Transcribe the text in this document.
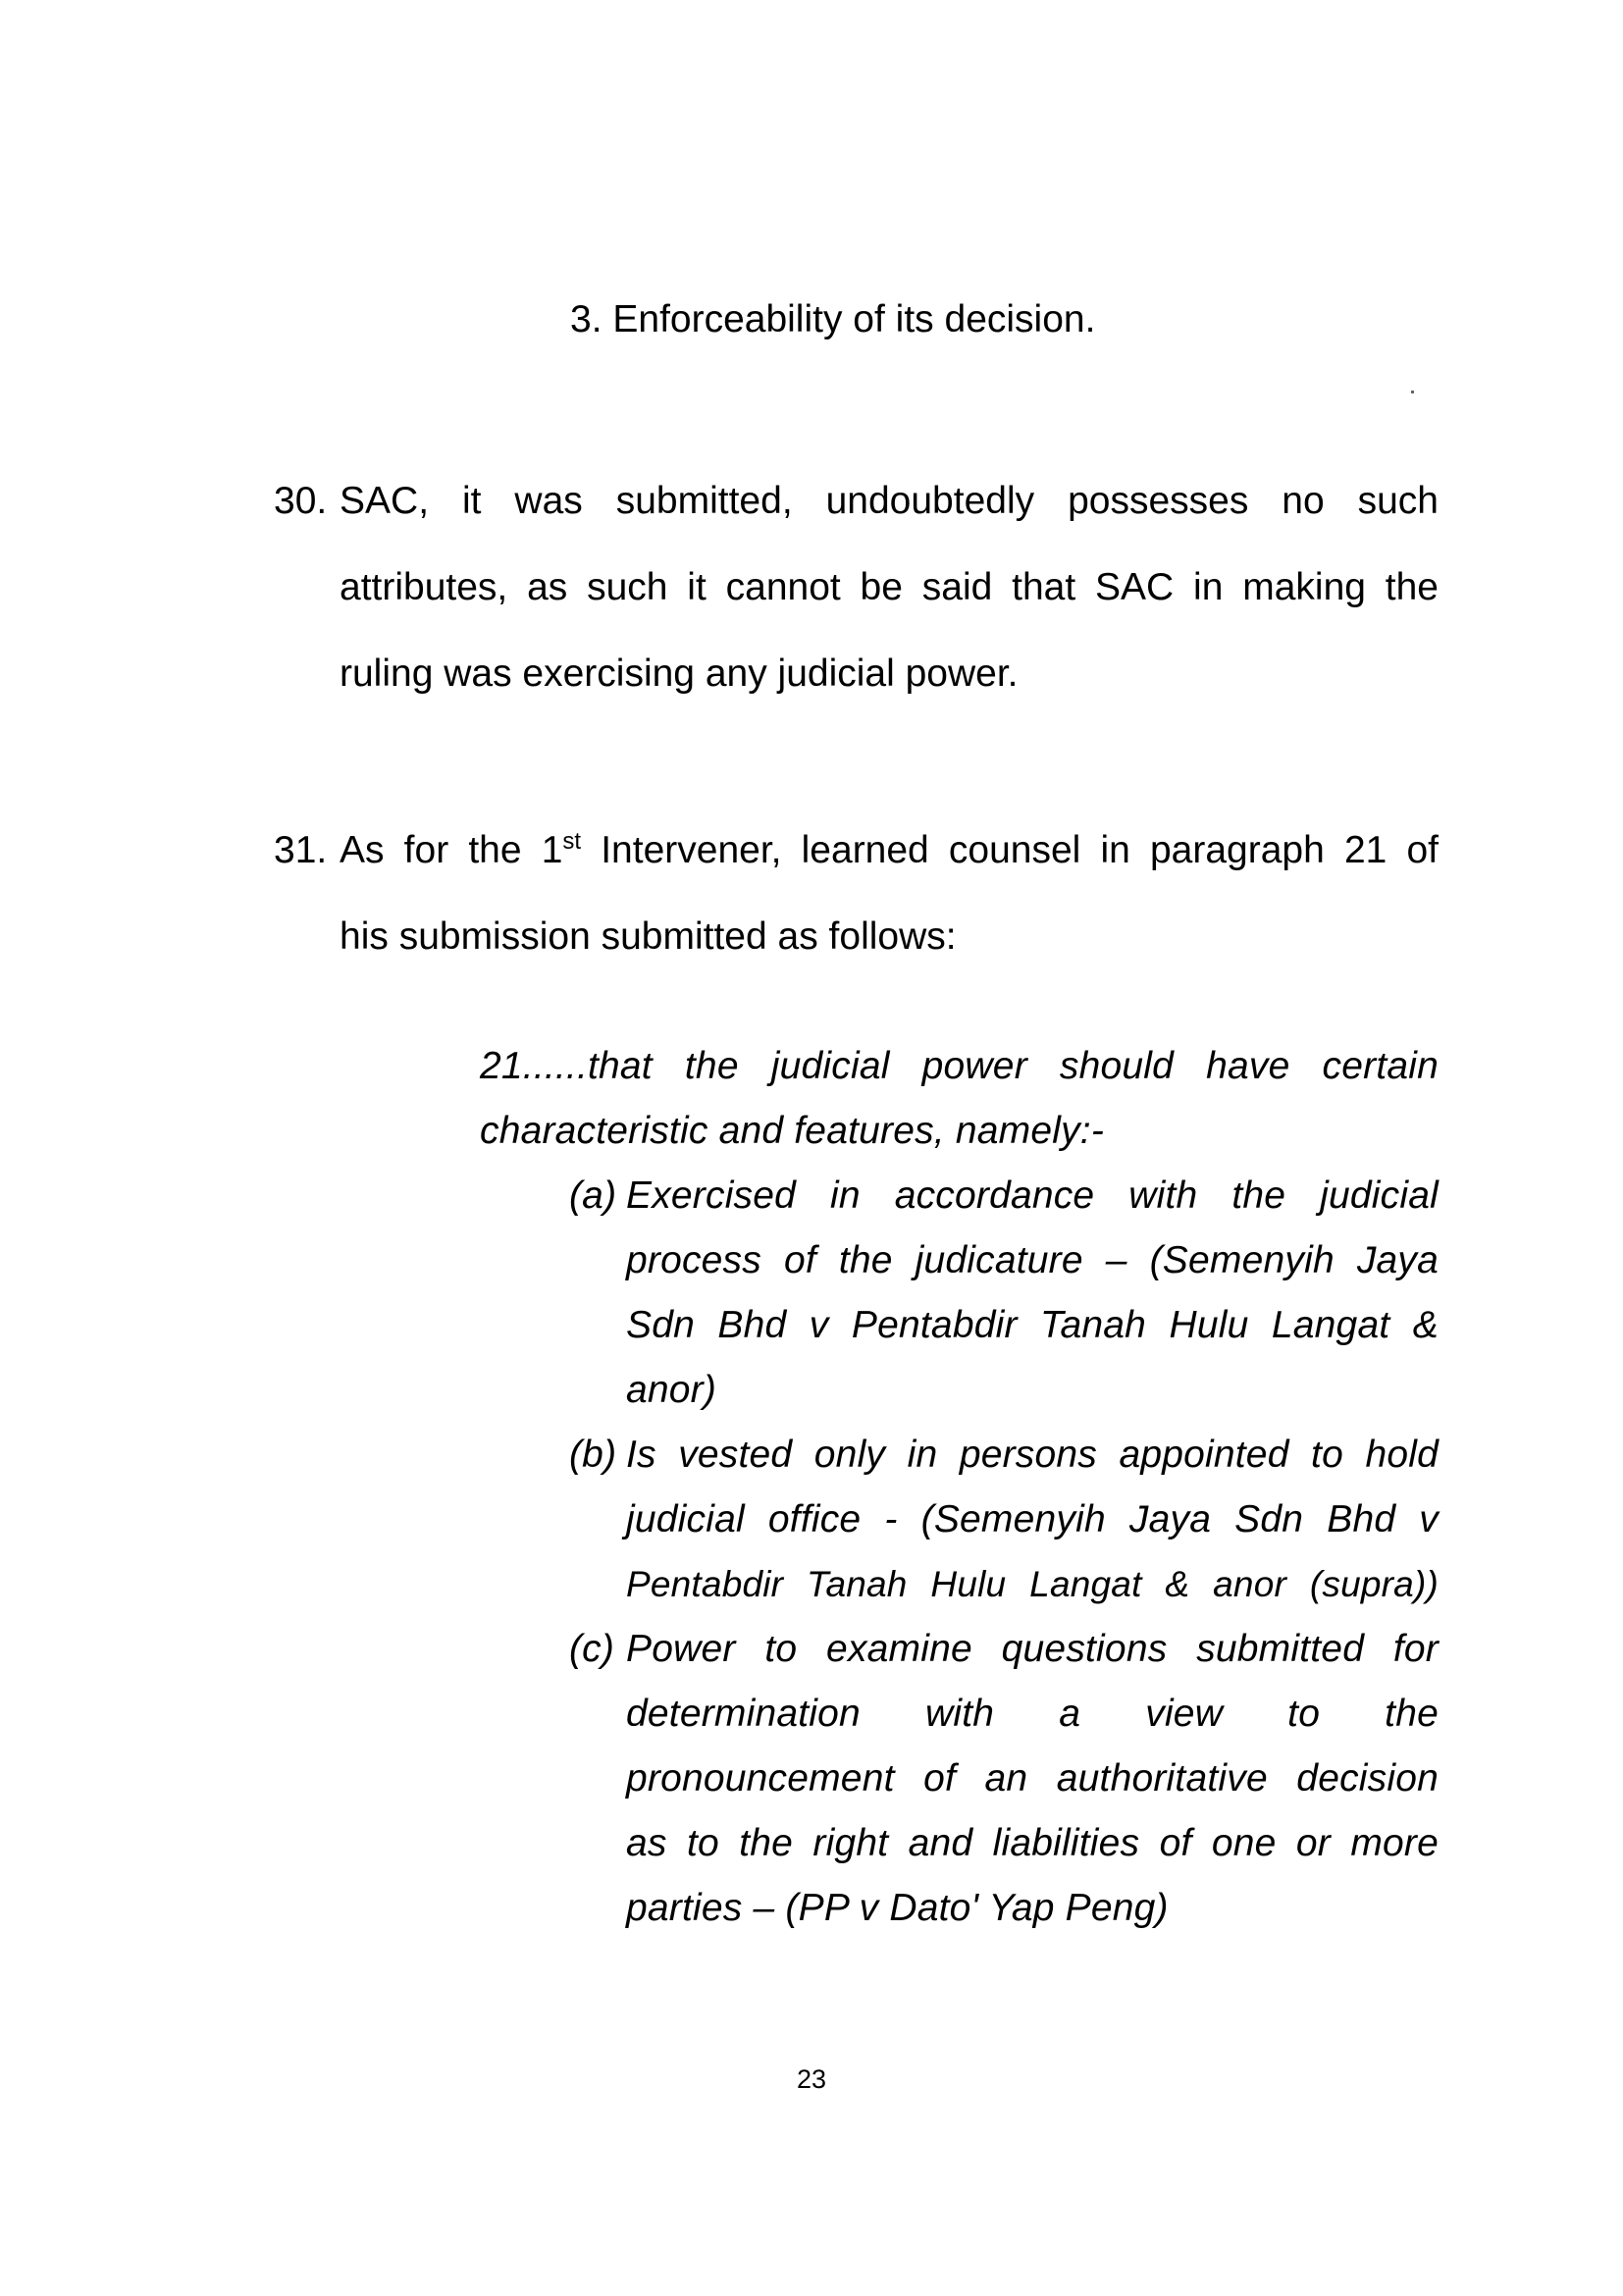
3. Enforceability of its decision.
30. SAC, it was submitted, undoubtedly possesses no such
attributes, as such it cannot be said that SAC in making the
ruling was exercising any judicial power.
31. As for the 1st Intervener, learned counsel in paragraph 21 of
his submission submitted as follows:
21......that the judicial power should have certain
characteristic and features, namely:-
(a) Exercised in accordance with the judicial
process of the judicature – (Semenyih Jaya
Sdn Bhd v Pentabdir Tanah Hulu Langat &
anor)
(b) Is vested only in persons appointed to hold
judicial office - (Semenyih Jaya Sdn Bhd v
Pentabdir Tanah Hulu Langat & anor (supra))
(c) Power to examine questions submitted for
determination with a view to the
pronouncement of an authoritative decision
as to the right and liabilities of one or more
parties – (PP v Dato' Yap Peng)
23
